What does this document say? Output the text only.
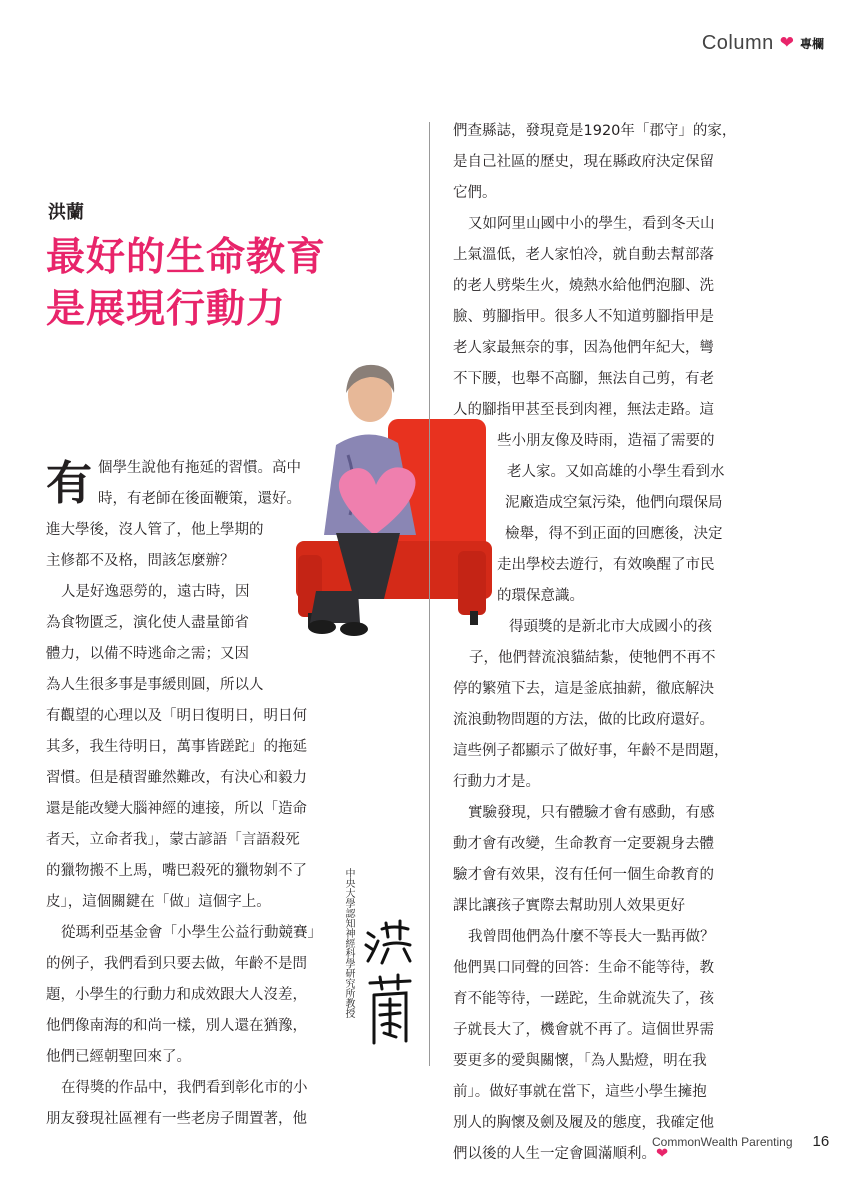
Column ❤ 專欄
洪蘭
最好的生命教育
是展現行動力
有 個學生說他有拖延的習慣。高中
時，有老師在後面鞭策，還好。
進大學後，沒人管了，他上學期的
主修都不及格，問該怎麼辦？
人是好逸惡勞的，遠古時，因
為食物匱乏，演化使人盡量節省
體力，以備不時逃命之需；又因
為人生很多事是事緩則圓，所以人
有觀望的心理以及「明日復明日，明日何
其多，我生待明日，萬事皆蹉跎」的拖延
習慣。但是積習雖然難改，有決心和毅力
還是能改變大腦神經的連接，所以「造命
者天，立命者我」，蒙古諺語「言語殺死
的獵物搬不上馬，嘴巴殺死的獵物剝不了
皮」，這個關鍵在「做」這個字上。
從瑪利亞基金會「小學生公益行動競賽」
的例子，我們看到只要去做，年齡不是問
題，小學生的行動力和成效跟大人沒差，
他們像南海的和尚一樣，別人還在猶豫，
他們已經朝聖回來了。
在得獎的作品中，我們看到彰化市的小
朋友發現社區裡有一些老房子閒置著，他
們查縣誌，發現竟是1920年「郡守」的家，
是自己社區的歷史，現在縣政府決定保留
它們。
又如阿里山國中小的學生，看到冬天山
上氣溫低，老人家怕冷，就自動去幫部落
的老人劈柴生火，燒熱水給他們泡腳、洗
臉、剪腳指甲。很多人不知道剪腳指甲是
老人家最無奈的事，因為他們年紀大，彎
不下腰，也舉不高腳，無法自己剪，有老
人的腳指甲甚至長到肉裡，無法走路。這
些小朋友像及時雨，造福了需要的
老人家。又如高雄的小學生看到水
泥廠造成空氣污染，他們向環保局
檢舉，得不到正面的回應後，決定
走出學校去遊行，有效喚醒了市民
的環保意識。
得頭獎的是新北市大成國小的孩
子，他們替流浪貓結紮，使牠們不再不
停的繁殖下去，這是釜底抽薪，徹底解決
流浪動物問題的方法，做的比政府還好。
這些例子都顯示了做好事，年齡不是問題，
行動力才是。
實驗發現，只有體驗才會有感動，有感
動才會有改變，生命教育一定要親身去體
驗才會有效果，沒有任何一個生命教育的
課比讓孩子實際去幫助別人效果更好
我曾問他們為什麼不等長大一點再做？
他們異口同聲的回答：生命不能等待，教
育不能等待，一蹉跎，生命就流失了，孩
子就長大了，機會就不再了。這個世界需
要更多的愛與關懷，「為人點燈，明在我
前」。做好事就在當下，這些小學生擁抱
別人的胸懷及劍及履及的態度，我確定他
們以後的人生一定會圓滿順利。❤
中央大學認知神經科學研究所教授
CommonWealth Parenting 16
